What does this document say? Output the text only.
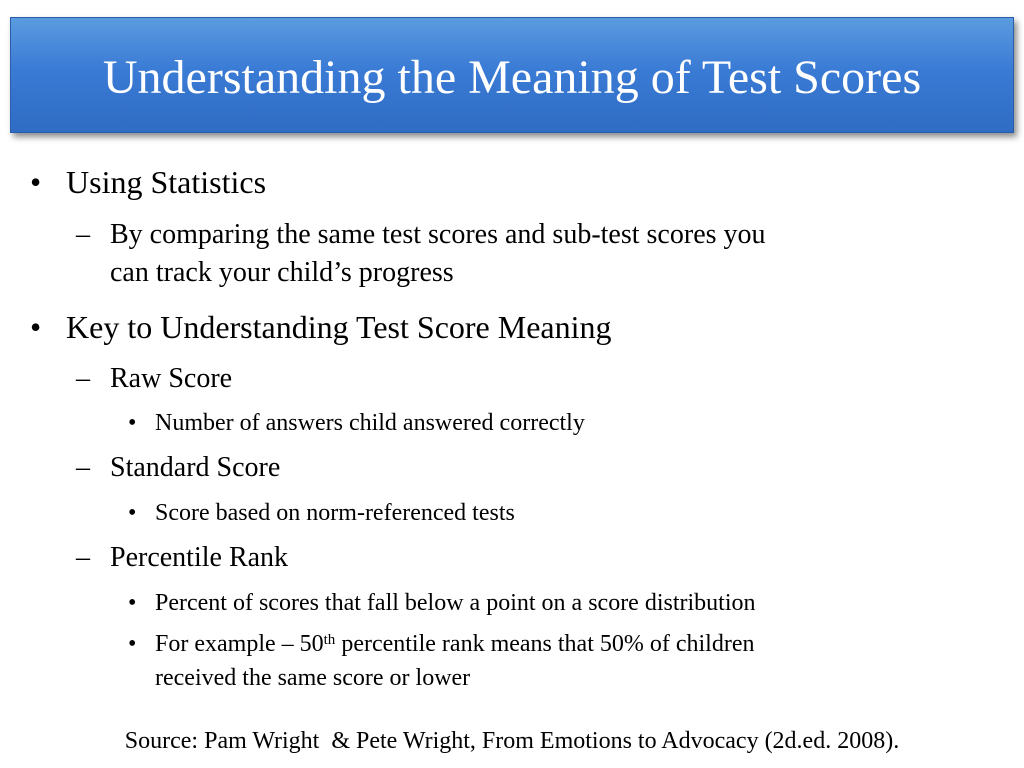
Understanding the Meaning of Test Scores
• Using Statistics
– By comparing the same test scores and sub-test scores you
can track your child’s progress
• Key to Understanding Test Score Meaning
– Raw Score
• Number of answers child answered correctly
– Standard Score
• Score based on norm-referenced tests
– Percentile Rank
• Percent of scores that fall below a point on a score distribution
• For example – 50th percentile rank means that 50% of children
received the same score or lower
Source: Pam Wright  & Pete Wright, From Emotions to Advocacy (2d.ed. 2008).
